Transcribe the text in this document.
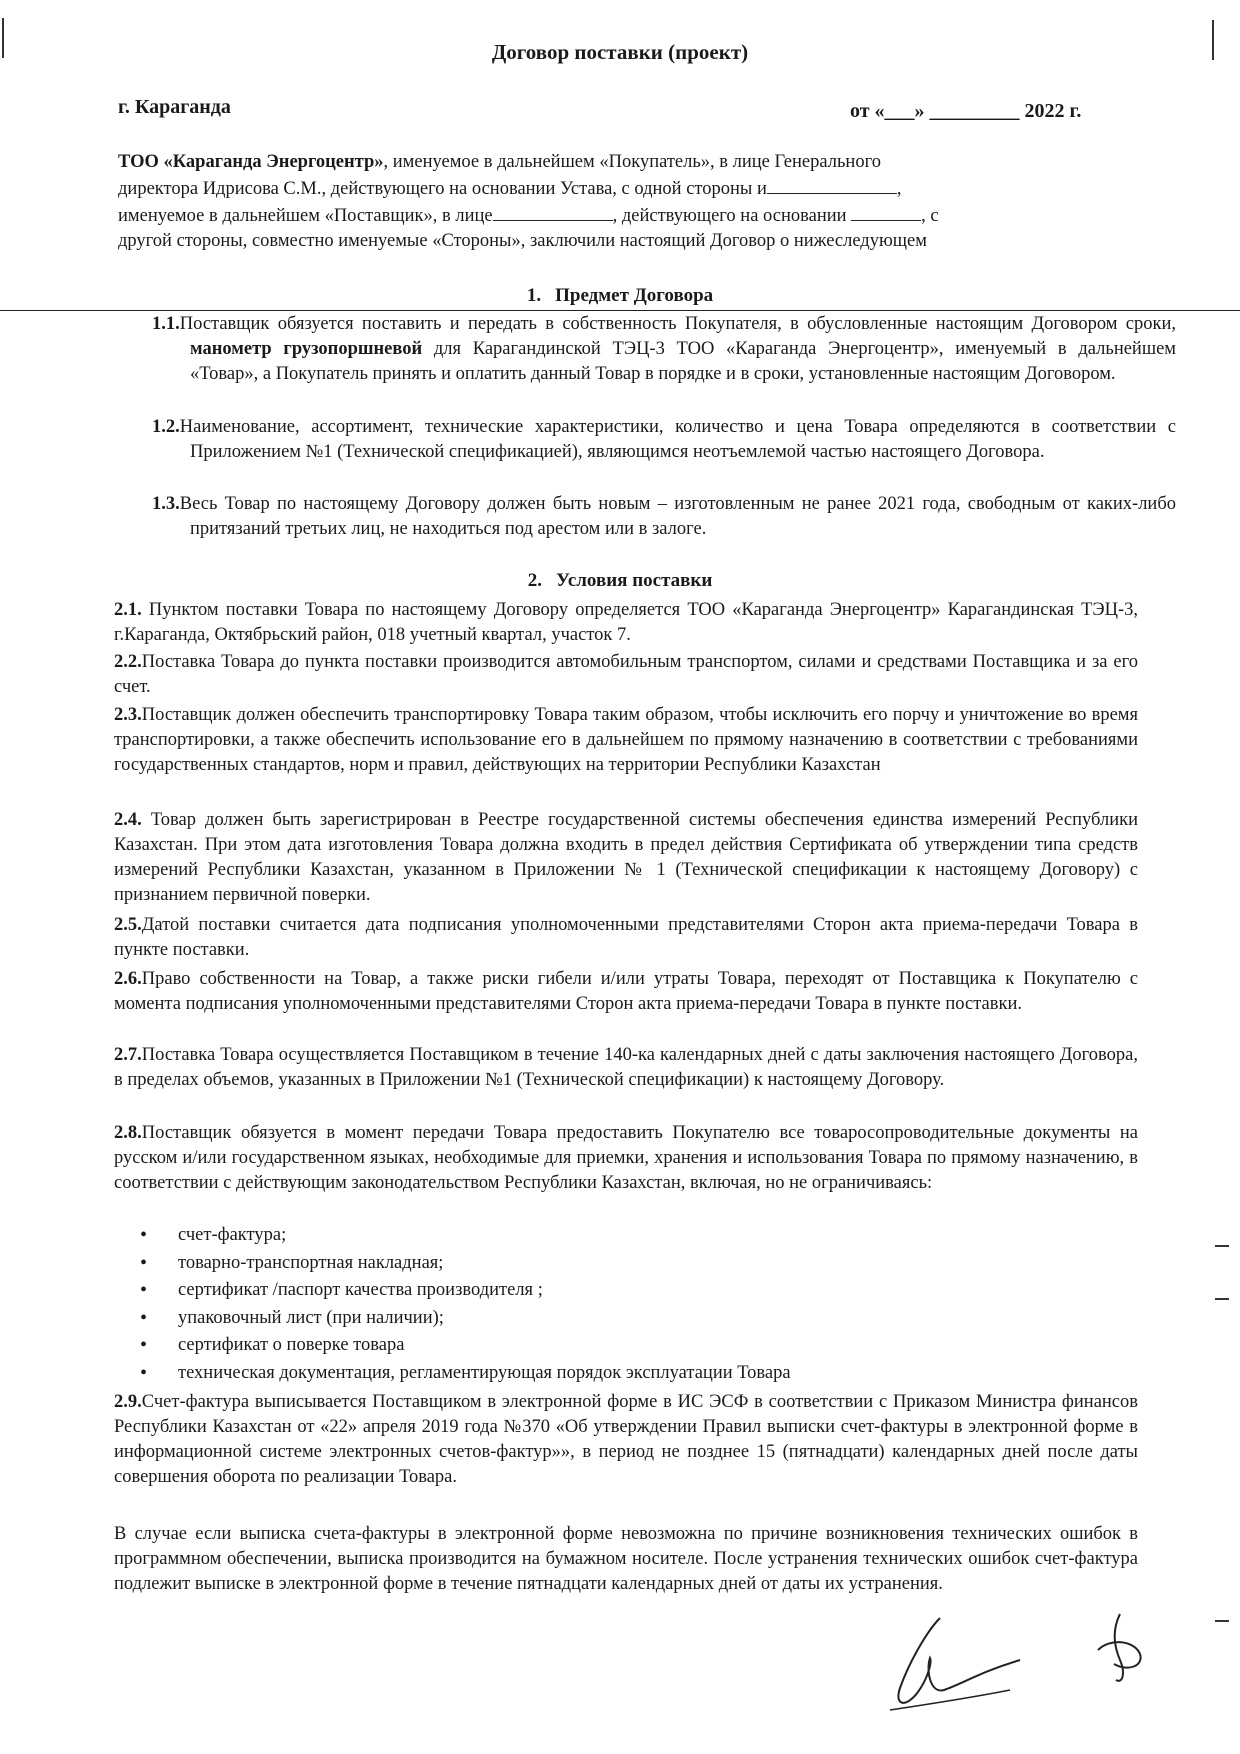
Договор поставки (проект)
г. Караганда	от «___» _________ 2022 г.
ТОО «Караганда Энергоцентр», именуемое в дальнейшем «Покупатель», в лице Генерального
директора Идрисова С.М., действующего на основании Устава, с одной стороны и	,
именуемое в дальнейшем «Поставщик», в лице	, действующего на основании	, с
другой стороны, совместно именуемые «Стороны», заключили настоящий Договор о нижеследующем
1. Предмет Договора
1.1.Поставщик обязуется поставить и передать в собственность Покупателя, в обусловленные настоящим Договором сроки, манометр грузопоршневой для Карагандинской ТЭЦ-3 ТОО «Караганда Энергоцентр», именуемый в дальнейшем «Товар», а Покупатель принять и оплатить данный Товар в порядке и в сроки, установленные настоящим Договором.
1.2.Наименование, ассортимент, технические характеристики, количество и цена Товара определяются в соответствии с Приложением №1 (Технической спецификацией), являющимся неотъемлемой частью настоящего Договора.
1.3.Весь Товар по настоящему Договору должен быть новым – изготовленным не ранее 2021 года, свободным от каких-либо притязаний третьих лиц, не находиться под арестом или в залоге.
2. Условия поставки
2.1. Пунктом поставки Товара по настоящему Договору определяется ТОО «Караганда Энергоцентр» Карагандинская ТЭЦ-3, г.Караганда, Октябрьский район, 018 учетный квартал, участок 7.
2.2.Поставка Товара до пункта поставки производится автомобильным транспортом, силами и средствами Поставщика и за его счет.
2.3.Поставщик должен обеспечить транспортировку Товара таким образом, чтобы исключить его порчу и уничтожение во время транспортировки, а также обеспечить использование его в дальнейшем по прямому назначению в соответствии с требованиями государственных стандартов, норм и правил, действующих на территории Республики Казахстан
2.4. Товар должен быть зарегистрирован в Реестре государственной системы обеспечения единства измерений Республики Казахстан. При этом дата изготовления Товара должна входить в предел действия Сертификата об утверждении типа средств измерений Республики Казахстан, указанном в Приложении № 1 (Технической спецификации к настоящему Договору) с признанием первичной поверки.
2.5.Датой поставки считается дата подписания уполномоченными представителями Сторон акта приема-передачи Товара в пункте поставки.
2.6.Право собственности на Товар, а также риски гибели и/или утраты Товара, переходят от Поставщика к Покупателю с момента подписания уполномоченными представителями Сторон акта приема-передачи Товара в пункте поставки.
2.7.Поставка Товара осуществляется Поставщиком в течение 140-ка календарных дней с даты заключения настоящего Договора, в пределах объемов, указанных в Приложении №1 (Технической спецификации) к настоящему Договору.
2.8.Поставщик обязуется в момент передачи Товара предоставить Покупателю все товаросопроводительные документы на русском и/или государственном языках, необходимые для приемки, хранения и использования Товара по прямому назначению, в соответствии с действующим законодательством Республики Казахстан, включая, но не ограничиваясь:
• счет-фактура;
• товарно-транспортная накладная;
• сертификат /паспорт качества производителя ;
• упаковочный лист (при наличии);
• сертификат о поверке товара
• техническая документация, регламентирующая порядок эксплуатации Товара
2.9.Счет-фактура выписывается Поставщиком в электронной форме в ИС ЭСФ в соответствии с Приказом Министра финансов Республики Казахстан от «22» апреля 2019 года №370 «Об утверждении Правил выписки счет-фактуры в электронной форме в информационной системе электронных счетов-фактур»», в период не позднее 15 (пятнадцати) календарных дней после даты совершения оборота по реализации Товара.
В случае если выписка счета-фактуры в электронной форме невозможна по причине возникновения технических ошибок в программном обеспечении, выписка производится на бумажном носителе. После устранения технических ошибок счет-фактура подлежит выписке в электронной форме в течение пятнадцати календарных дней от даты их устранения.
